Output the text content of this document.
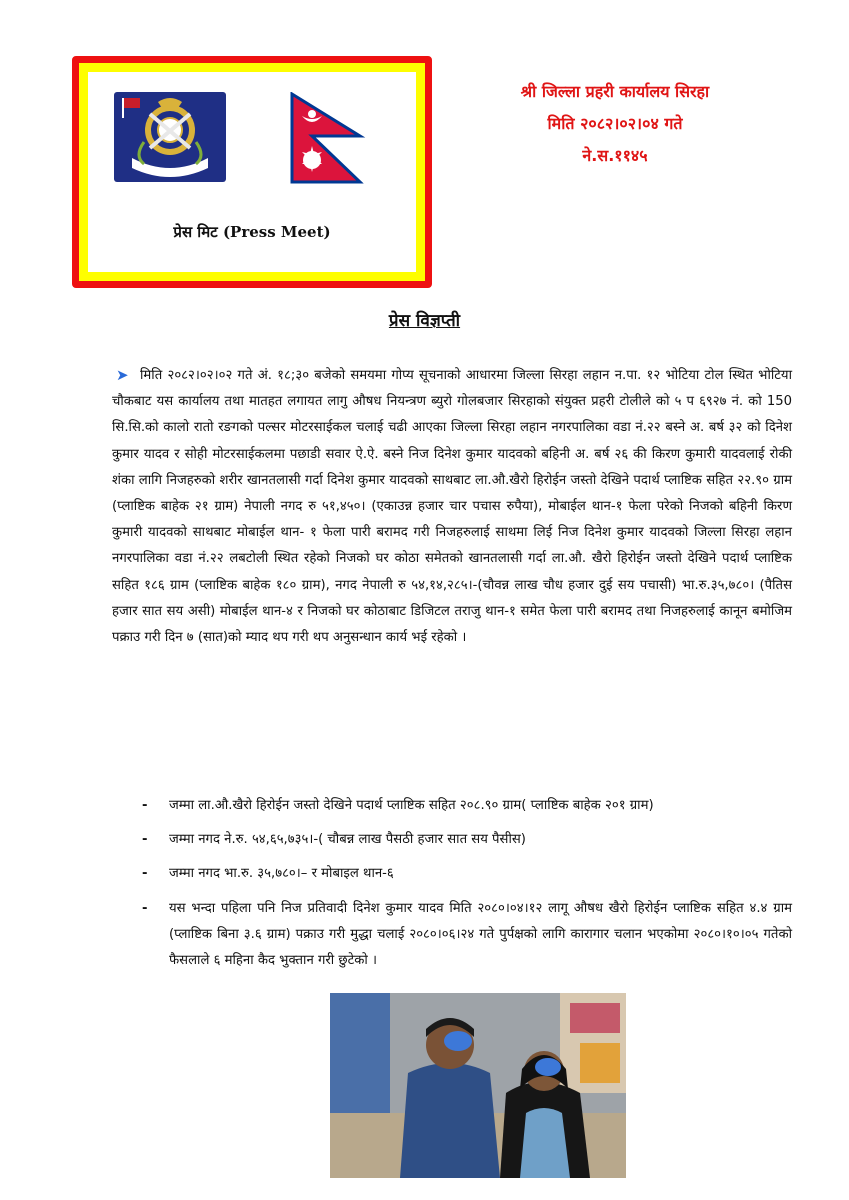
प्रेस मिट (Press Meet)
श्री जिल्ला प्रहरी कार्यालय सिरहा
मिति २०८२।०२।०४ गते
ने.स.११४५
प्रेस विज्ञप्ती
➤ मिति २०८२।०२।०२ गते अं. १८;३० बजेको समयमा गोप्य सूचनाको आधारमा जिल्ला सिरहा लहान न.पा. १२ भोटिया टोल स्थित भोटिया चौकबाट यस कार्यालय तथा मातहत लगायत लागु औषध नियन्त्रण ब्युरो गोलबजार सिरहाको संयुक्त प्रहरी टोलीले को ५ प ६९२७ नं. को 150 सि.सि.को कालो रातो रङगको पल्सर मोटरसाईकल चलाई चढी आएका जिल्ला सिरहा लहान नगरपालिका वडा नं.२२ बस्ने अ. बर्ष ३२ को दिनेश कुमार यादव र सोही मोटरसाईकलमा पछाडी सवार ऐ.ऐ. बस्ने निज दिनेश कुमार यादवको बहिनी अ. बर्ष २६ की किरण कुमारी यादवलाई रोकी शंका लागि निजहरुको शरीर खानतलासी गर्दा दिनेश कुमार यादवको साथबाट ला.औ.खैरो हिरोईन जस्तो देखिने पदार्थ प्लाष्टिक सहित २२.९० ग्राम (प्लाष्टिक बाहेक २१ ग्राम) नेपाली नगद रु ५१,४५०। (एकाउन्न हजार चार पचास रुपैया), मोबाईल थान-१ फेला परेको निजको बहिनी किरण कुमारी यादवको साथबाट मोबाईल थान- १ फेला पारी बरामद गरी निजहरुलाई साथमा लिई निज दिनेश कुमार यादवको जिल्ला सिरहा लहान नगरपालिका वडा नं.२२ लबटोली स्थित रहेको निजको घर कोठा समेतको खानतलासी गर्दा ला.औ. खैरो हिरोईन जस्तो देखिने पदार्थ प्लाष्टिक सहित १८६ ग्राम (प्लाष्टिक बाहेक १८० ग्राम), नगद नेपाली रु ५४,१४,२८५।-(चौवन्न लाख चौध हजार दुई सय पचासी) भा.रु.३५,७८०। (पैतिस हजार सात सय असी) मोबाईल थान-४ र निजको घर कोठाबाट डिजिटल तराजु थान-१ समेत फेला पारी बरामद तथा निजहरुलाई कानून बमोजिम पक्राउ गरी दिन ७ (सात)को म्याद थप गरी थप अनुसन्धान कार्य भई रहेको ।
- जम्मा ला.औ.खैरो हिरोईन जस्तो देखिने पदार्थ प्लाष्टिक सहित २०८.९० ग्राम( प्लाष्टिक बाहेक २०१ ग्राम)
- जम्मा नगद ने.रु. ५४,६५,७३५।-( चौबन्न लाख पैसठी हजार सात सय पैसीस)
- जम्मा नगद भा.रु. ३५,७८०।– र मोबाइल थान-६
- यस भन्दा पहिला पनि निज प्रतिवादी दिनेश कुमार यादव मिति २०८०।०४।१२ लागू औषध खैरो हिरोईन प्लाष्टिक सहित ४.४ ग्राम (प्लाष्टिक बिना ३.६ ग्राम) पक्राउ गरी मुद्धा चलाई २०८०।०६।२४ गते पुर्पक्षको लागि कारागार चलान भएकोमा २०८०।१०।०५ गतेको फैसलाले ६ महिना कैद भुक्तान गरी छुटेको ।
